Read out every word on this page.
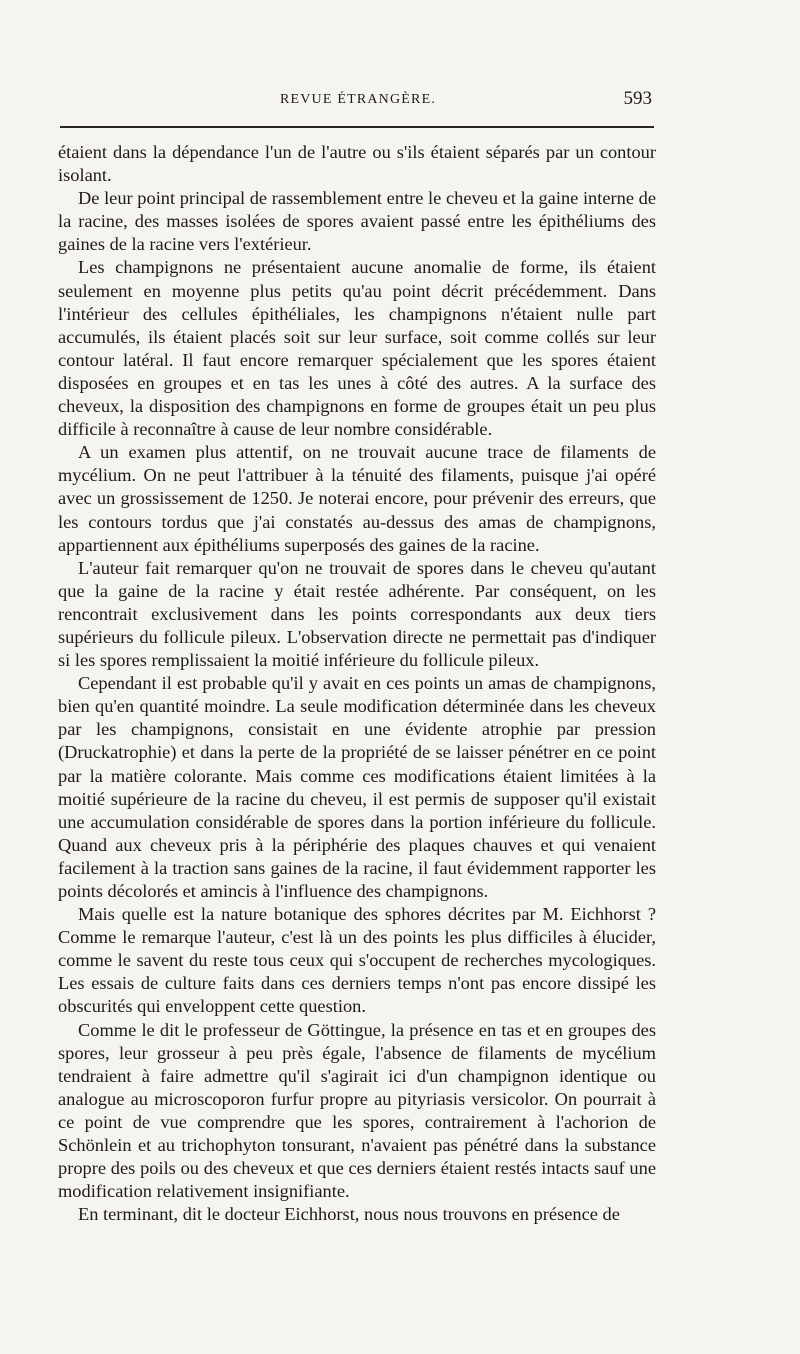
REVUE ÉTRANGÈRE.	593

étaient dans la dépendance l'un de l'autre ou s'ils étaient séparés par un contour isolant.

De leur point principal de rassemblement entre le cheveu et la gaine interne de la racine, des masses isolées de spores avaient passé entre les épithéliums des gaines de la racine vers l'extérieur.

Les champignons ne présentaient aucune anomalie de forme, ils étaient seulement en moyenne plus petits qu'au point décrit précédemment. Dans l'intérieur des cellules épithéliales, les champignons n'étaient nulle part accumulés, ils étaient placés soit sur leur surface, soit comme collés sur leur contour latéral. Il faut encore remarquer spécialement que les spores étaient disposées en groupes et en tas les unes à côté des autres. A la surface des cheveux, la disposition des champignons en forme de groupes était un peu plus difficile à reconnaître à cause de leur nombre considérable.

A un examen plus attentif, on ne trouvait aucune trace de filaments de mycélium. On ne peut l'attribuer à la ténuité des filaments, puisque j'ai opéré avec un grossissement de 1250. Je noterai encore, pour prévenir des erreurs, que les contours tordus que j'ai constatés au-dessus des amas de champignons, appartiennent aux épithéliums superposés des gaines de la racine.

L'auteur fait remarquer qu'on ne trouvait de spores dans le cheveu qu'autant que la gaine de la racine y était restée adhérente. Par conséquent, on les rencontrait exclusivement dans les points correspondants aux deux tiers supérieurs du follicule pileux. L'observation directe ne permettait pas d'indiquer si les spores remplissaient la moitié inférieure du follicule pileux.

Cependant il est probable qu'il y avait en ces points un amas de champignons, bien qu'en quantité moindre. La seule modification déterminée dans les cheveux par les champignons, consistait en une évidente atrophie par pression (Druckatrophie) et dans la perte de la propriété de se laisser pénétrer en ce point par la matière colorante. Mais comme ces modifications étaient limitées à la moitié supérieure de la racine du cheveu, il est permis de supposer qu'il existait une accumulation considérable de spores dans la portion inférieure du follicule. Quand aux cheveux pris à la périphérie des plaques chauves et qui venaient facilement à la traction sans gaines de la racine, il faut évidemment rapporter les points décolorés et amincis à l'influence des champignons.

Mais quelle est la nature botanique des sphores décrites par M. Eichhorst ? Comme le remarque l'auteur, c'est là un des points les plus difficiles à élucider, comme le savent du reste tous ceux qui s'occupent de recherches mycologiques. Les essais de culture faits dans ces derniers temps n'ont pas encore dissipé les obscurités qui enveloppent cette question.

Comme le dit le professeur de Göttingue, la présence en tas et en groupes des spores, leur grosseur à peu près égale, l'absence de filaments de mycélium tendraient à faire admettre qu'il s'agirait ici d'un champignon identique ou analogue au microscoporon furfur propre au pityriasis versicolor. On pourrait à ce point de vue comprendre que les spores, contrairement à l'achorion de Schönlein et au trichophyton tonsurant, n'avaient pas pénétré dans la substance propre des poils ou des cheveux et que ces derniers étaient restés intacts sauf une modification relativement insignifiante.

En terminant, dit le docteur Eichhorst, nous nous trouvons en présence de
